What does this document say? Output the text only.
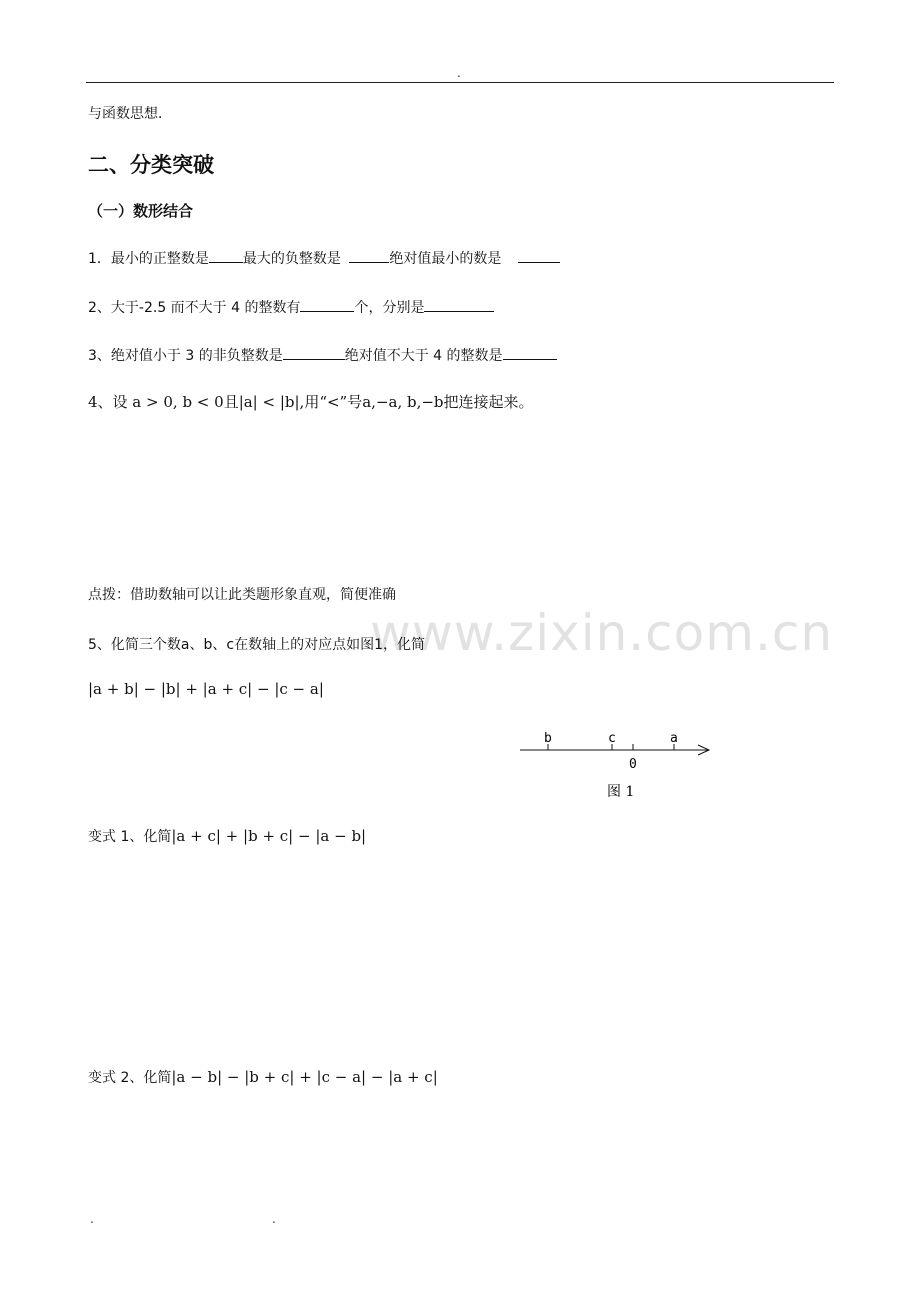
.
www.zixin.com.cn
与函数思想．
二、分类突破
（一）数形结合
1．最小的正整数是 最大的负整数是	绝对值最小的数是
2、大于-2.5 而不大于 4 的整数有	个，分别是
3、绝对值小于 3 的非负整数是	绝对值不大于 4 的整数是
4、设 a > 0, b < 0且|a| < |b|,用“<”号a,−a, b,−b把连接起来。
点拨：借助数轴可以让此类题形象直观，简便准确
5、化简三个数a、b、c在数轴上的对应点如图1，化简
|a + b| − |b| + |a + c| − |c − a|
b	c	a
0
图 1
变式 1、化简|a + c| + |b + c| − |a − b|
变式 2、化简|a − b| − |b + c| + |c − a| − |a + c|
.	.
